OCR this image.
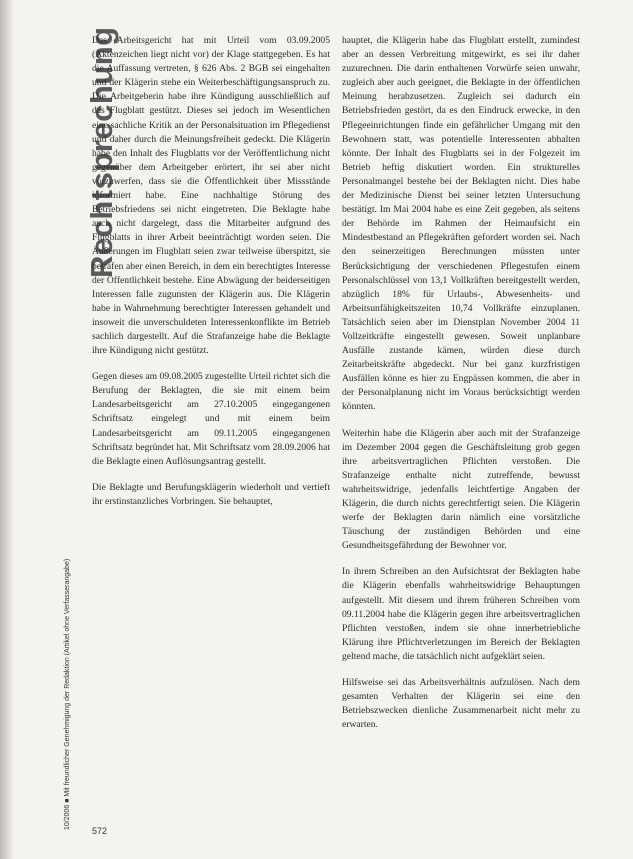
Rechtsprechung
10/2006 ■ Mit freundlicher Genehmigung der Redaktion (Artikel ohne Verfasserangabe)

Das Arbeitsgericht hat mit Urteil vom 03.09.2005 (Aktenzeichen liegt nicht vor) der Klage stattgegeben. Es hat die Auffassung vertreten, § 626 Abs. 2 BGB sei eingehalten und der Klägerin stehe ein Weiterbeschäftigungsanspruch zu. Die Arbeitgeberin habe ihre Kündigung ausschließlich auf das Flugblatt gestützt. Dieses sei jedoch im Wesentlichen eine sachliche Kritik an der Personalsituation im Pflegedienst und daher durch die Meinungsfreiheit gedeckt. Die Klägerin habe den Inhalt des Flugblatts vor der Veröffentlichung nicht gegenüber dem Arbeitgeber erörtert, ihr sei aber nicht vorzuwerfen, dass sie die Öffentlichkeit über Missstände informiert habe. Eine nachhaltige Störung des Betriebsfriedens sei nicht eingetreten. Die Beklagte habe auch nicht dargelegt, dass die Mitarbeiter aufgrund des Flugblatts in ihrer Arbeit beeinträchtigt worden seien. Die Äußerungen im Flugblatt seien zwar teilweise überspitzt, sie beträfen aber einen Bereich, in dem ein berechtigtes Interesse der Öffentlichkeit bestehe. Eine Abwägung der beiderseitigen Interessen falle zugunsten der Klägerin aus. Die Klägerin habe in Wahrnehmung berechtigter Interessen gehandelt und insoweit die unverschuldeten Interessenkonflikte im Betrieb sachlich dargestellt. Auf die Strafanzeige habe die Beklagte ihre Kündigung nicht gestützt.

Gegen dieses am 09.08.2005 zugestellte Urteil richtet sich die Berufung der Beklagten, die sie mit einem beim Landesarbeitsgericht am 27.10.2005 eingegangenen Schriftsatz eingelegt und mit einem beim Landesarbeitsgericht am 09.11.2005 eingegangenen Schriftsatz begründet hat. Mit Schriftsatz vom 28.09.2006 hat die Beklagte einen Auflösungsantrag gestellt.

Die Beklagte und Berufungsklägerin wiederholt und vertieft ihr erstinstanzliches Vorbringen. Sie behauptet,

hauptet, die Klägerin habe das Flugblatt erstellt, zumindest aber an dessen Verbreitung mitgewirkt, es sei ihr daher zuzurechnen. Die darin enthaltenen Vorwürfe seien unwahr, zugleich aber auch geeignet, die Beklagte in der öffentlichen Meinung herabzusetzen. Zugleich sei dadurch ein Betriebsfrieden gestört, da es den Eindruck erwecke, in den Pflegeeinrichtungen finde ein gefährlicher Umgang mit den Bewohnern statt, was potentielle Interessenten abhalten könnte. Der Inhalt des Flugblatts sei in der Folgezeit im Betrieb heftig diskutiert worden. Ein strukturelles Personalmangel bestehe bei der Beklagten nicht. Dies habe der Medizinische Dienst bei seiner letzten Untersuchung bestätigt. Im Mai 2004 habe es eine Zeit gegeben, als seitens der Behörde im Rahmen der Heimaufsicht ein Mindestbestand an Pflegekräften gefordert worden sei. Nach den seinerzeitigen Berechnungen müssten unter Berücksichtigung der verschiedenen Pflegestufen einem Personalschlüssel von 13,1 Vollkräften bereitgestellt werden, abzüglich 18% für Urlaubs-, Abwesenheits- und Arbeitsunfähigkeitszeiten 10,74 Vollkräfte einzuplanen. Tatsächlich seien aber im Dienstplan November 2004 11 Vollzeitkräfte eingestellt gewesen. Soweit unplanbare Ausfälle zustande kämen, würden diese durch Zeitarbeitskräfte abgedeckt. Nur bei ganz kurzfristigen Ausfällen könne es hier zu Engpässen kommen, die aber in der Personalplanung nicht im Voraus berücksichtigt werden könnten.

Weiterhin habe die Klägerin aber auch mit der Strafanzeige im Dezember 2004 gegen die Geschäftsleitung grob gegen ihre arbeitsvertraglichen Pflichten verstoßen. Die Strafanzeige enthalte nicht zutreffende, bewusst wahrheitswidrige, jedenfalls leichtfertige Angaben der Klägerin, die durch nichts gerechtfertigt seien. Die Klägerin werfe der Beklagten darin nämlich eine vorsätzliche Täuschung der zuständigen Behörden und eine Gesundheitsgefährdung der Bewohner vor.

In ihrem Schreiben an den Aufsichtsrat der Beklagten habe die Klägerin ebenfalls wahrheitswidrige Behauptungen aufgestellt. Mit diesem und ihrem früheren Schreiben vom 09.11.2004 habe die Klägerin gegen ihre arbeitsvertraglichen Pflichten verstoßen, indem sie ohne innerbetriebliche Klärung ihre Pflichtverletzungen im Bereich der Beklagten geltend mache, die tatsächlich nicht aufgeklärt seien.

Hilfsweise sei das Arbeitsverhältnis aufzulösen. Nach dem gesamten Verhalten der Klägerin sei eine den Betriebszwecken dienliche Zusammenarbeit nicht mehr zu erwarten.

572
